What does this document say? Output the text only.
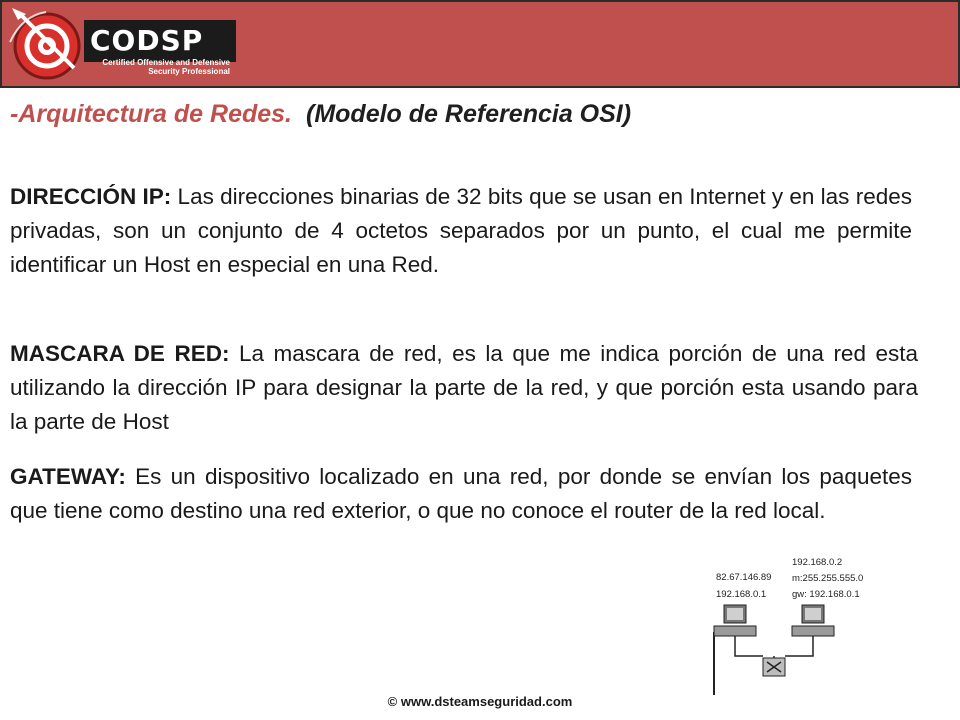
CODSP
Certified Offensive and Defensive
Security Professional
-Arquitectura de Redes. (Modelo de Referencia OSI)

DIRECCIÓN IP: Las direcciones binarias de 32 bits que se usan en Internet y en las redes privadas, son un conjunto de 4 octetos separados por un punto, el cual me permite identificar un Host en especial en una Red.

MASCARA DE RED: La mascara de red, es la que me indica porción de una red esta utilizando la dirección IP para designar la parte de la red, y que porción esta usando para la parte de Host

GATEWAY: Es un dispositivo localizado en una red, por donde se envían los paquetes que tiene como destino una red exterior, o que no conoce el router de la red local.

82.67.146.89
192.168.0.1
192.168.0.2
m:255.255.555.0
gw: 192.168.0.1
© www.dsteamseguridad.com
